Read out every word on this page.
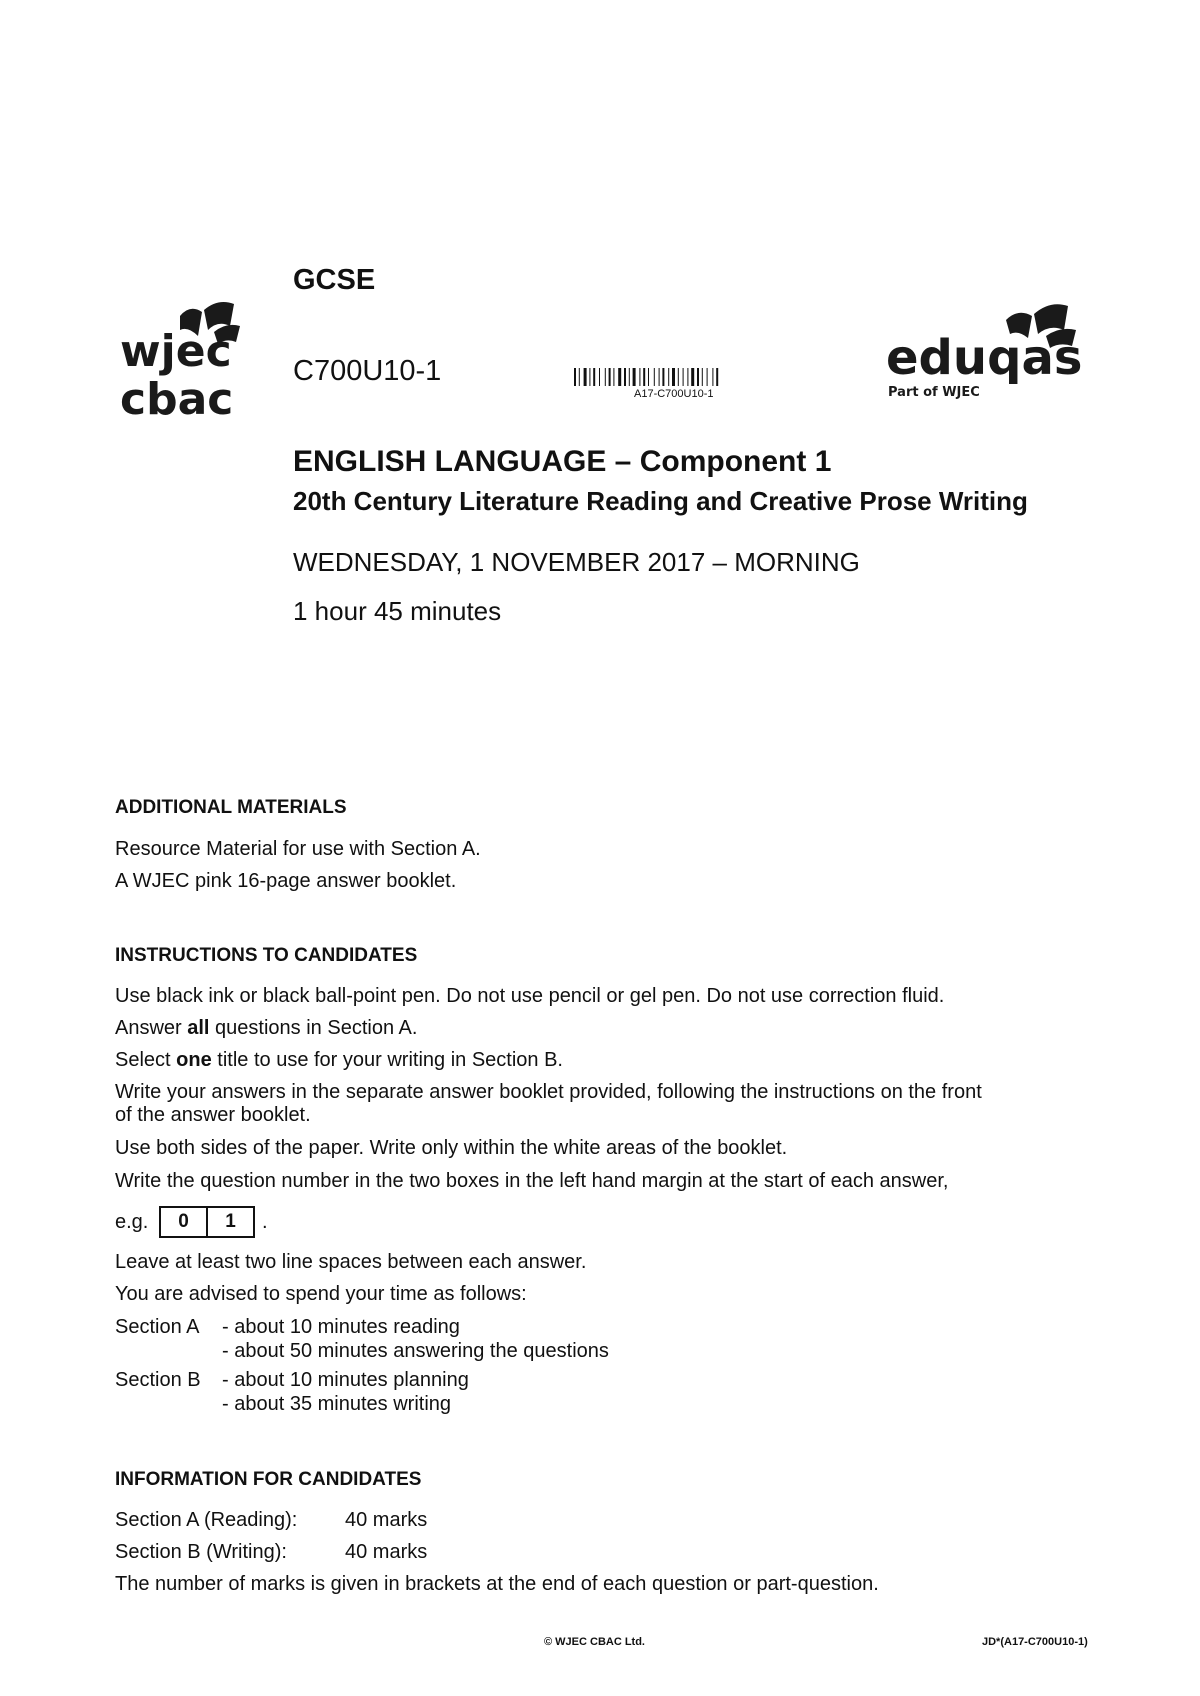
wjec
cbac
GCSE
C700U10-1
A17-C700U10-1
eduqas
Part of WJEC
ENGLISH LANGUAGE – Component 1
20th Century Literature Reading and Creative Prose Writing
WEDNESDAY, 1 NOVEMBER 2017 – MORNING
1 hour 45 minutes
ADDITIONAL MATERIALS
Resource Material for use with Section A.
A WJEC pink 16-page answer booklet.
INSTRUCTIONS TO CANDIDATES
Use black ink or black ball-point pen. Do not use pencil or gel pen. Do not use correction fluid.
Answer all questions in Section A.
Select one title to use for your writing in Section B.
Write your answers in the separate answer booklet provided, following the instructions on the front
of the answer booklet.
Use both sides of the paper. Write only within the white areas of the booklet.
Write the question number in the two boxes in the left hand margin at the start of each answer,
e.g.	0	1	.
Leave at least two line spaces between each answer.
You are advised to spend your time as follows:
Section A - about 10 minutes reading
- about 50 minutes answering the questions
Section B - about 10 minutes planning
- about 35 minutes writing
INFORMATION FOR CANDIDATES
Section A (Reading): 40 marks
Section B (Writing):	40 marks
The number of marks is given in brackets at the end of each question or part-question.
© WJEC CBAC Ltd.	JD*(A17-C700U10-1)
